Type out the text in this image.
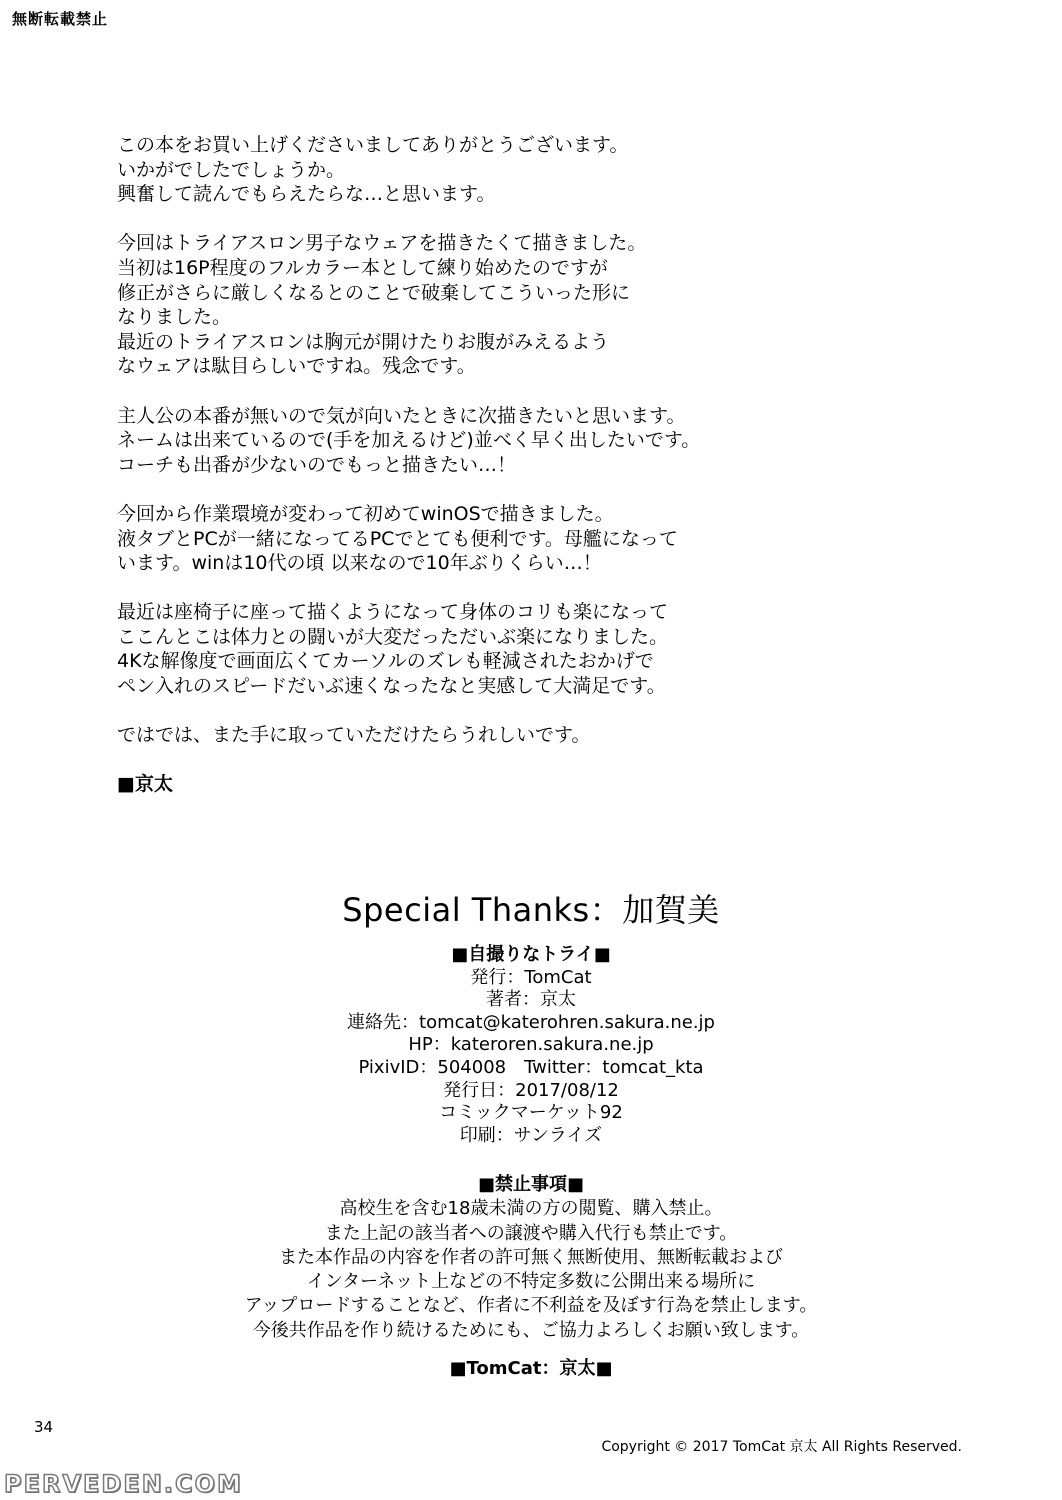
無断転載禁止
この本をお買い上げくださいましてありがとうございます。
いかがでしたでしょうか。
興奮して読んでもらえたらな…と思います。
今回はトライアスロン男子なウェアを描きたくて描きました。
当初は16P程度のフルカラー本として練り始めたのですが
修正がさらに厳しくなるとのことで破棄してこういった形に
なりました。
最近のトライアスロンは胸元が開けたりお腹がみえるよう
なウェアは駄目らしいですね。残念です。
主人公の本番が無いので気が向いたときに次描きたいと思います。
ネームは出来ているので(手を加えるけど)並べく早く出したいです。
コーチも出番が少ないのでもっと描きたい…！
今回から作業環境が変わって初めてwinOSで描きました。
液タブとPCが一緒になってるPCでとても便利です。母艦になって
います。winは10代の頃 以来なので10年ぶりくらい…！
最近は座椅子に座って描くようになって身体のコリも楽になって
ここんとこは体力との闘いが大変だっただいぶ楽になりました。
4Kな解像度で画面広くてカーソルのズレも軽減されたおかげで
ペン入れのスピードだいぶ速くなったなと実感して大満足です。
ではでは、また手に取っていただけたらうれしいです。
■京太
Special Thanks：加賀美
■自撮りなトライ■
発行：TomCat
著者：京太
連絡先：tomcat@katerohren.sakura.ne.jp
HP：kateroren.sakura.ne.jp
PixivID：504008　Twitter：tomcat_kta
発行日：2017/08/12
コミックマーケット92
印刷：サンライズ
■禁止事項■
高校生を含む18歳未満の方の閲覧、購入禁止。
また上記の該当者への譲渡や購入代行も禁止です。
また本作品の内容を作者の許可無く無断使用、無断転載および
インターネット上などの不特定多数に公開出来る場所に
アップロードすることなど、作者に不利益を及ぼす行為を禁止します。
今後共作品を作り続けるためにも、ご協力よろしくお願い致します。
■TomCat：京太■
34
Copyright © 2017 TomCat 京太 All Rights Reserved.
PERVEDEN.COM
